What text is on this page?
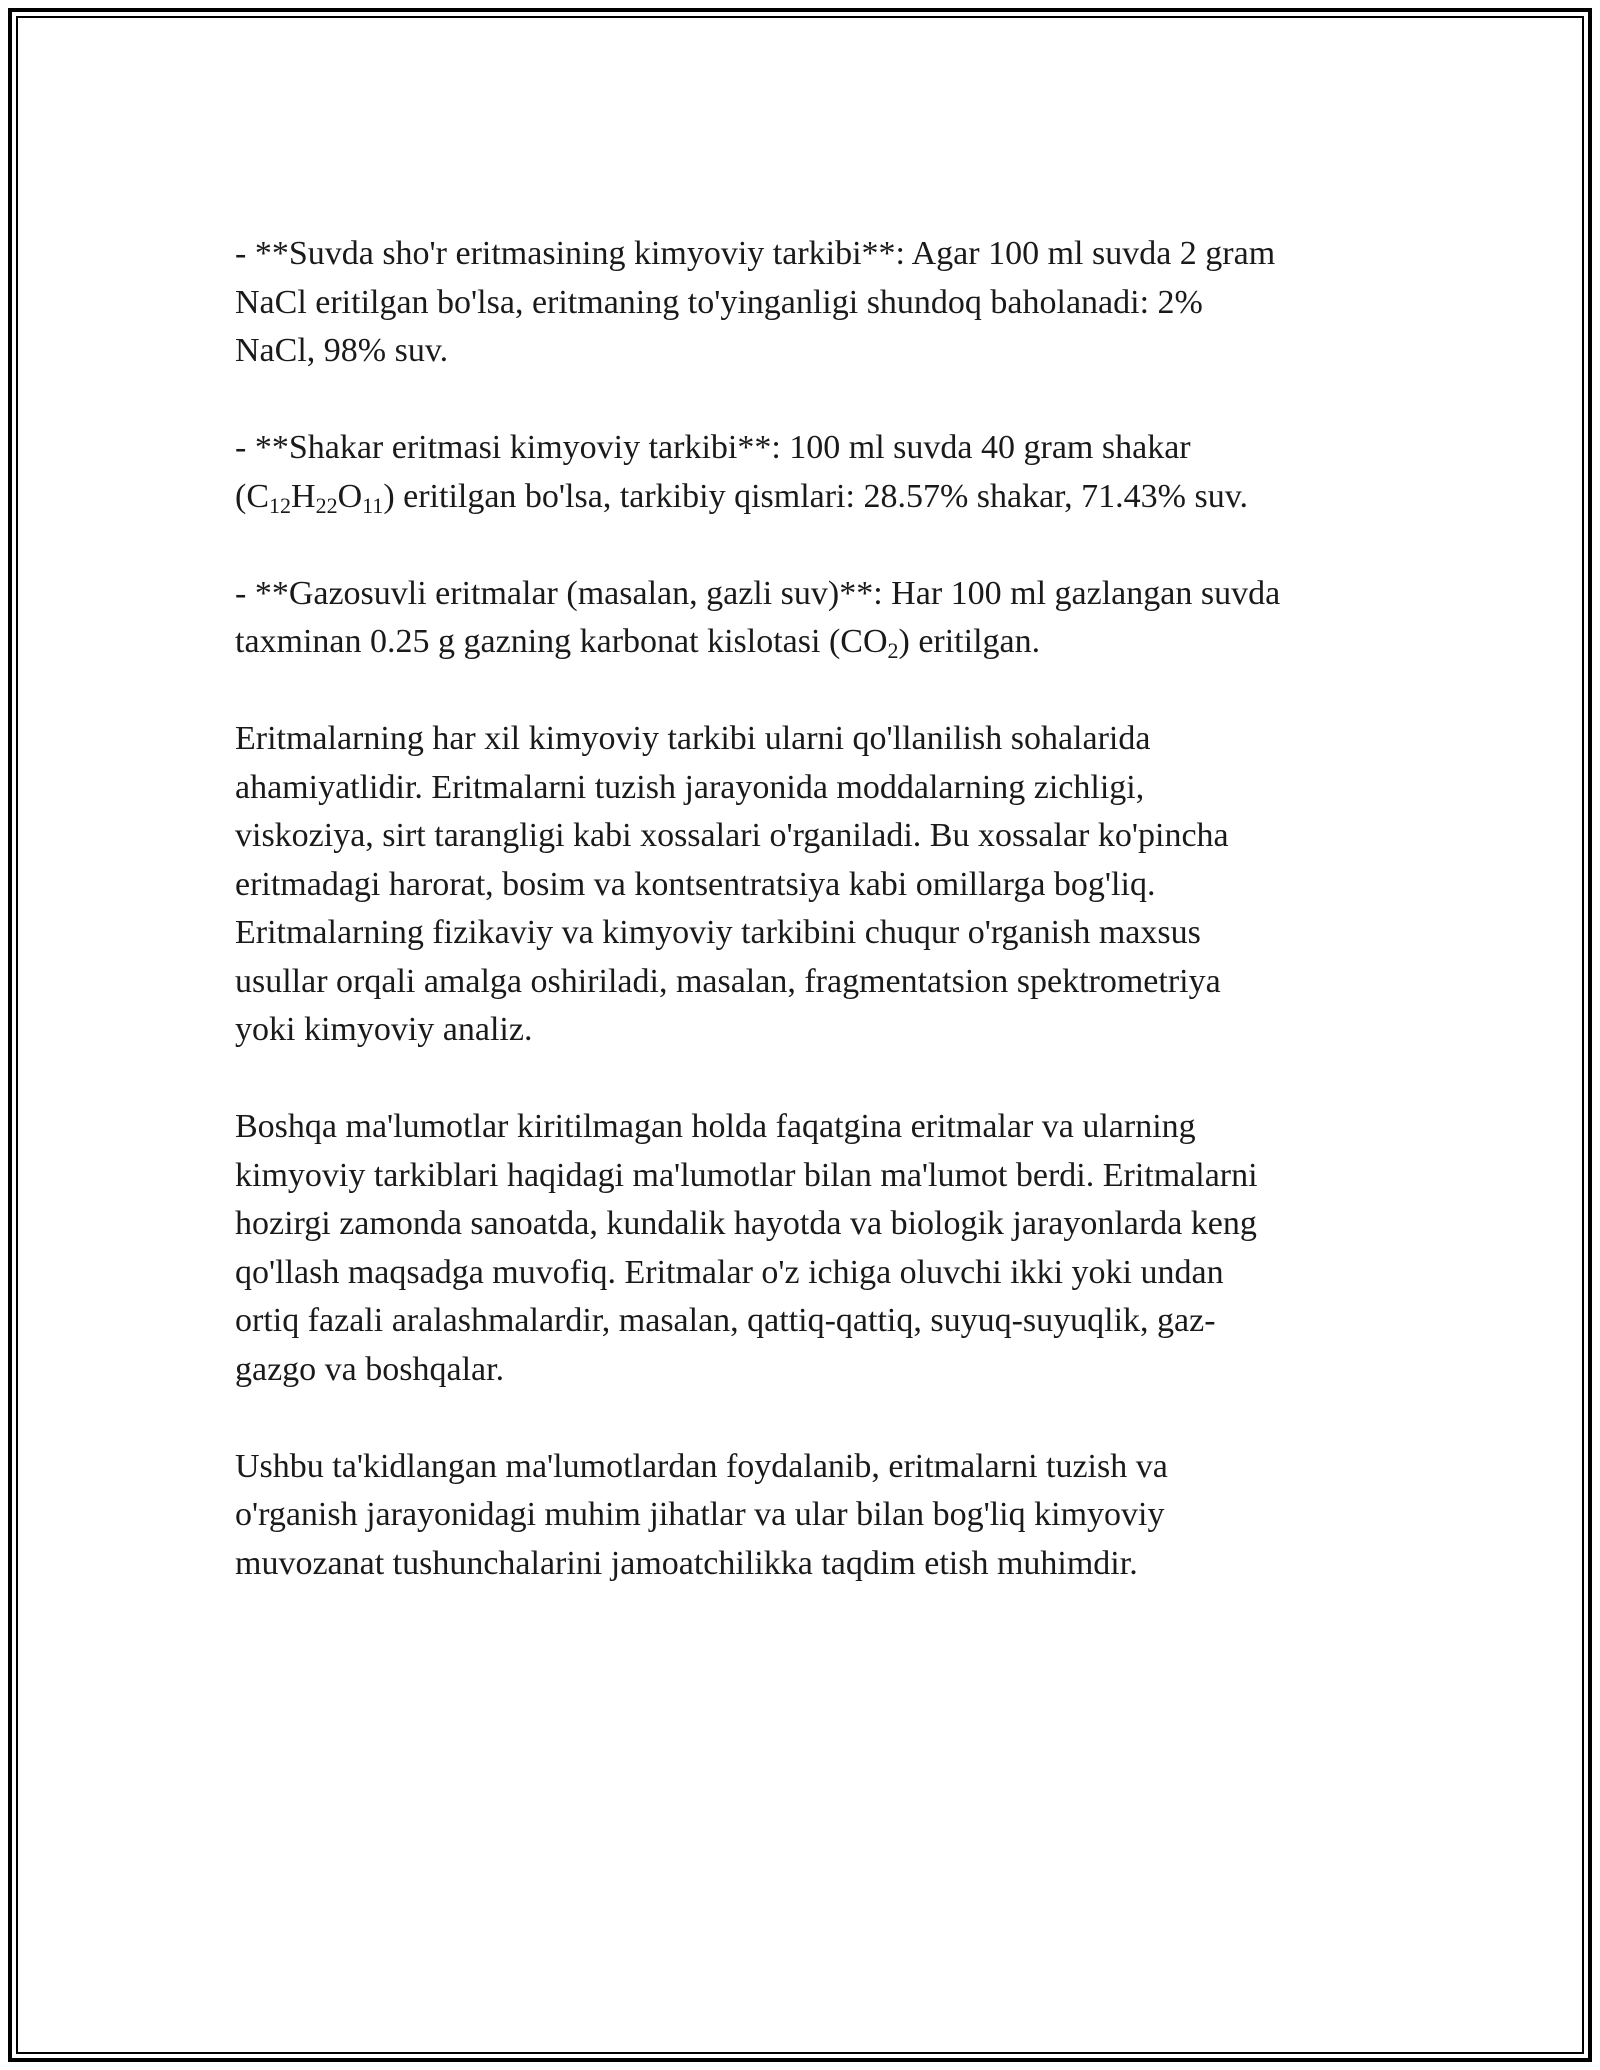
- **Suvda sho'r eritmasining kimyoviy tarkibi**: Agar 100 ml suvda 2 gram
NaCl eritilgan bo'lsa, eritmaning to'yinganligi shundoq baholanadi: 2%
NaCl, 98% suv.

- **Shakar eritmasi kimyoviy tarkibi**: 100 ml suvda 40 gram shakar
$(C_{12}H_{22}O_{11})$ eritilgan bo'lsa, tarkibiy qismlari: 28.57% shakar, 71.43% suv.

- **Gazosuvli eritmalar (masalan, gazli suv)**: Har 100 ml gazlangan suvda
taxminan 0.25 g gazning karbonat kislotasi $(CO_2)$ eritilgan.

Eritmalarning har xil kimyoviy tarkibi ularni qo'llanilish sohalarida
ahamiyatlidir. Eritmalarni tuzish jarayonida moddalarning zichligi,
viskoziya, sirt tarangligi kabi xossalari o'rganiladi. Bu xossalar ko'pincha
eritmadagi harorat, bosim va kontsentratsiya kabi omillarga bog'liq.
Eritmalarning fizikaviy va kimyoviy tarkibini chuqur o'rganish maxsus
usullar orqali amalga oshiriladi, masalan, fragmentatsion spektrometriya
yoki kimyoviy analiz.

Boshqa ma'lumotlar kiritilmagan holda faqatgina eritmalar va ularning
kimyoviy tarkiblari haqidagi ma'lumotlar bilan ma'lumot berdi. Eritmalarni
hozirgi zamonda sanoatda, kundalik hayotda va biologik jarayonlarda keng
qo'llash maqsadga muvofiq. Eritmalar o'z ichiga oluvchi ikki yoki undan
ortiq fazali aralashmalardir, masalan, qattiq-qattiq, suyuq-suyuqlik, gaz-
gazgo va boshqalar.

Ushbu ta'kidlangan ma'lumotlardan foydalanib, eritmalarni tuzish va
o'rganish jarayonidagi muhim jihatlar va ular bilan bog'liq kimyoviy
muvozanat tushunchalarini jamoatchilikka taqdim etish muhimdir.
